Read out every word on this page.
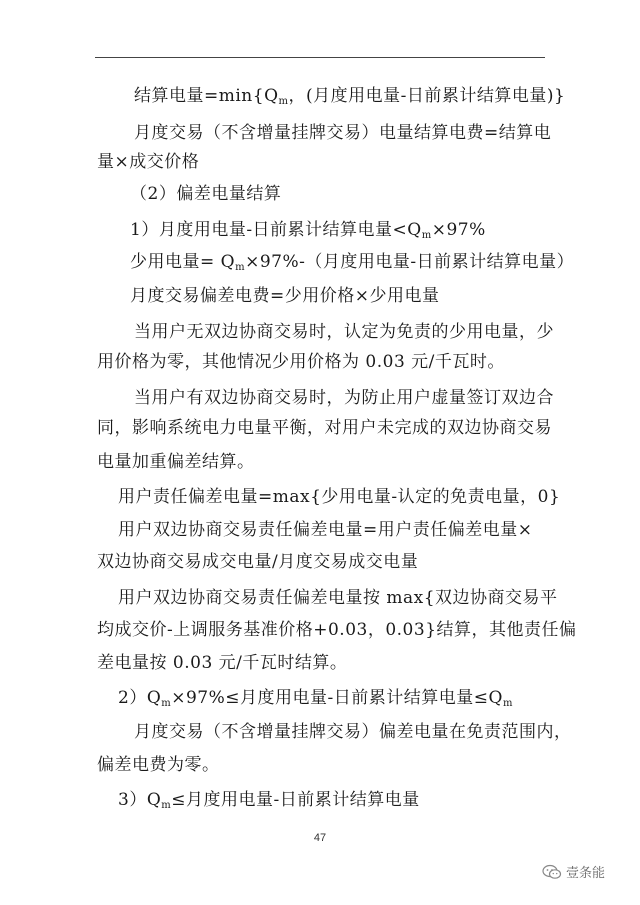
结算电量$=\min\{Q_m$，(月度用电量-日前累计结算电量)}
月度交易（不含增量挂牌交易）电量结算电费=结算电
量×成交价格
（2）偏差电量结算
1）月度用电量-日前累计结算电量$<Q_m\times 97\%$
少用电量= $Q_m\times 97\%-$（月度用电量-日前累计结算电量）
月度交易偏差电费=少用价格×少用电量
当用户无双边协商交易时，认定为免责的少用电量，少
用价格为零，其他情况少用价格为 0.03 元/千瓦时。
当用户有双边协商交易时，为防止用户虚量签订双边合
同，影响系统电力电量平衡，对用户未完成的双边协商交易
电量加重偏差结算。
用户责任偏差电量=max{少用电量-认定的免责电量，0}
用户双边协商交易责任偏差电量=用户责任偏差电量×
双边协商交易成交电量/月度交易成交电量
用户双边协商交易责任偏差电量按 max{双边协商交易平
均成交价-上调服务基准价格+0.03，0.03}结算，其他责任偏
差电量按 0.03 元/千瓦时结算。
$2)Q_m\times 97\%\le$月度用电量-日前累计结算电量$\le Q_m$
月度交易（不含增量挂牌交易）偏差电量在免责范围内，
偏差电费为零。
$3)Q_m\le$月度用电量-日前累计结算电量
47
壹条能
